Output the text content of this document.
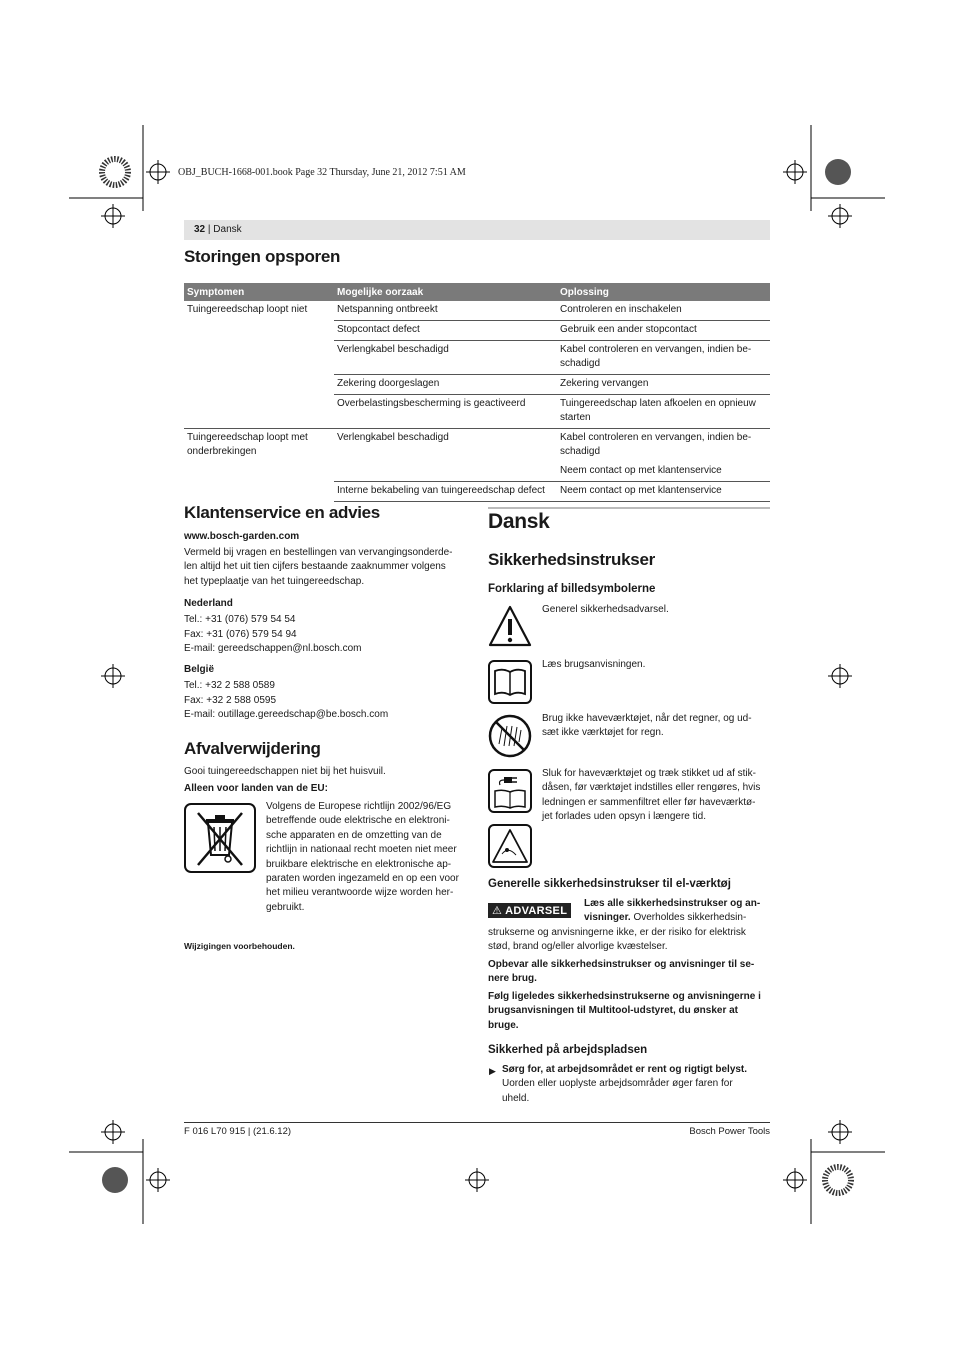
OBJ_BUCH-1668-001.book Page 32 Thursday, June 21, 2012 7:51 AM
32 | Dansk
Storingen opsporen
Symptomen	Mogelijke oorzaak	Oplossing
Tuingereedschap loopt niet	Netspanning ontbreekt	Controleren en inschakelen
	Stopcontact defect	Gebruik een ander stopcontact
	Verlengkabel beschadigd	Kabel controleren en vervangen, indien be-schadigd
	Zekering doorgeslagen	Zekering vervangen
	Overbelastingsbescherming is geactiveerd	Tuingereedschap laten afkoelen en opnieuw starten
Tuingereedschap loopt met onderbrekingen	Verlengkabel beschadigd	Kabel controleren en vervangen, indien be-schadigd
		Neem contact op met klantenservice
	Interne bekabeling van tuingereedschap defect	Neem contact op met klantenservice
Klantenservice en advies

www.bosch-garden.com

Vermeld bij vragen en bestellingen van vervangingsonderde-
len altijd het uit tien cijfers bestaande zaaknummer volgens
het typeplaatje van het tuingereedschap.
Nederland
Tel.: +31 (076) 579 54 54
Fax: +31 (076) 579 54 94
E-mail: gereedschappen@nl.bosch.com
België
Tel.: +32 2 588 0589
Fax: +32 2 588 0595
E-mail: outillage.gereedschap@be.bosch.com
Afvalverwijdering

Gooi tuingereedschappen niet bij het huisvuil.

Alleen voor landen van de EU:

Volgens de Europese richtlijn 2002/96/EG
betreffende oude elektrische en elektroni-
sche apparaten en de omzetting van de
richtlijn in nationaal recht moeten niet meer
bruikbare elektrische en elektronische ap-
paraten worden ingezameld en op een voor
het milieu verantwoorde wijze worden her-
gebruikt.

Wijzigingen voorbehouden.

Dansk
Sikkerhedsinstrukser
Forklaring af billedsymbolerne
Generel sikkerhedsadvarsel.
Læs brugsanvisningen.
Brug ikke haveværktøjet, når det regner, og ud-
sæt ikke værktøjet for regn.
Sluk for haveværktøjet og træk stikket ud af stik-
dåsen, før værktøjet indstilles eller rengøres, hvis
ledningen er sammenfiltret eller før haveværktø-
jet forlades uden opsyn i længere tid.
Generelle sikkerhedsinstrukser til el-værktøj
⚠ ADVARSEL
Læs alle sikkerhedsinstrukser og an-
visninger. Overholdes sikkerhedsin-
strukserne og anvisningerne ikke, er der risiko for elektrisk
stød, brand og/eller alvorlige kvæstelser.
Opbevar alle sikkerhedsinstrukser og anvisninger til se-
nere brug.
Følg ligeledes sikkerhedsinstrukserne og anvisningerne i
brugsanvisningen til Multitool-udstyret, du ønsker at
bruge.
Sikkerhed på arbejdspladsen
▶ Sørg for, at arbejdsområdet er rent og rigtigt belyst.
Uorden eller uoplyste arbejdsområder øger faren for
uheld.
F 016 L70 915 | (21.6.12)	Bosch Power Tools
